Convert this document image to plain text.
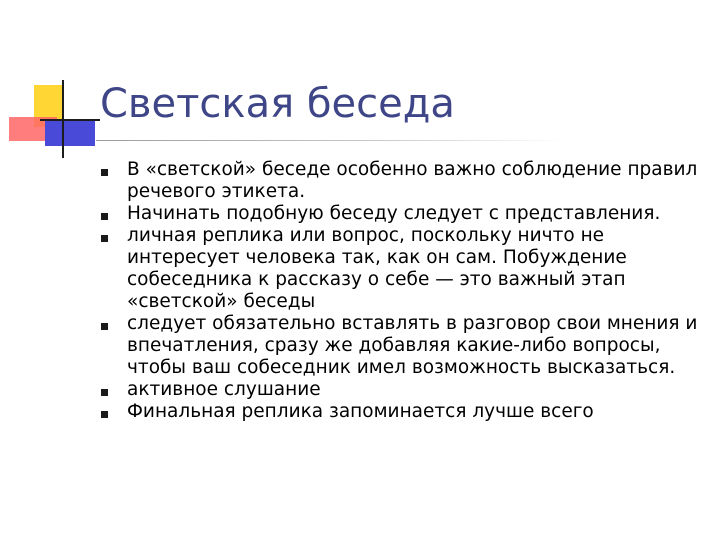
Светская беседа
В «светской» беседе особенно важно соблюдение правил речевого этикета.
Начинать подобную беседу следует с представления.
личная реплика или вопрос, поскольку ничто не интересует человека так, как он сам. Побуждение собеседника к рассказу о себе — это важный этап «светской» беседы
следует обязательно вставлять в разговор свои мнения и впечатления, сразу же добавляя какие-либо вопросы, чтобы ваш собеседник имел возможность высказаться.
активное слушание
Финальная реплика запоминается лучше всего
